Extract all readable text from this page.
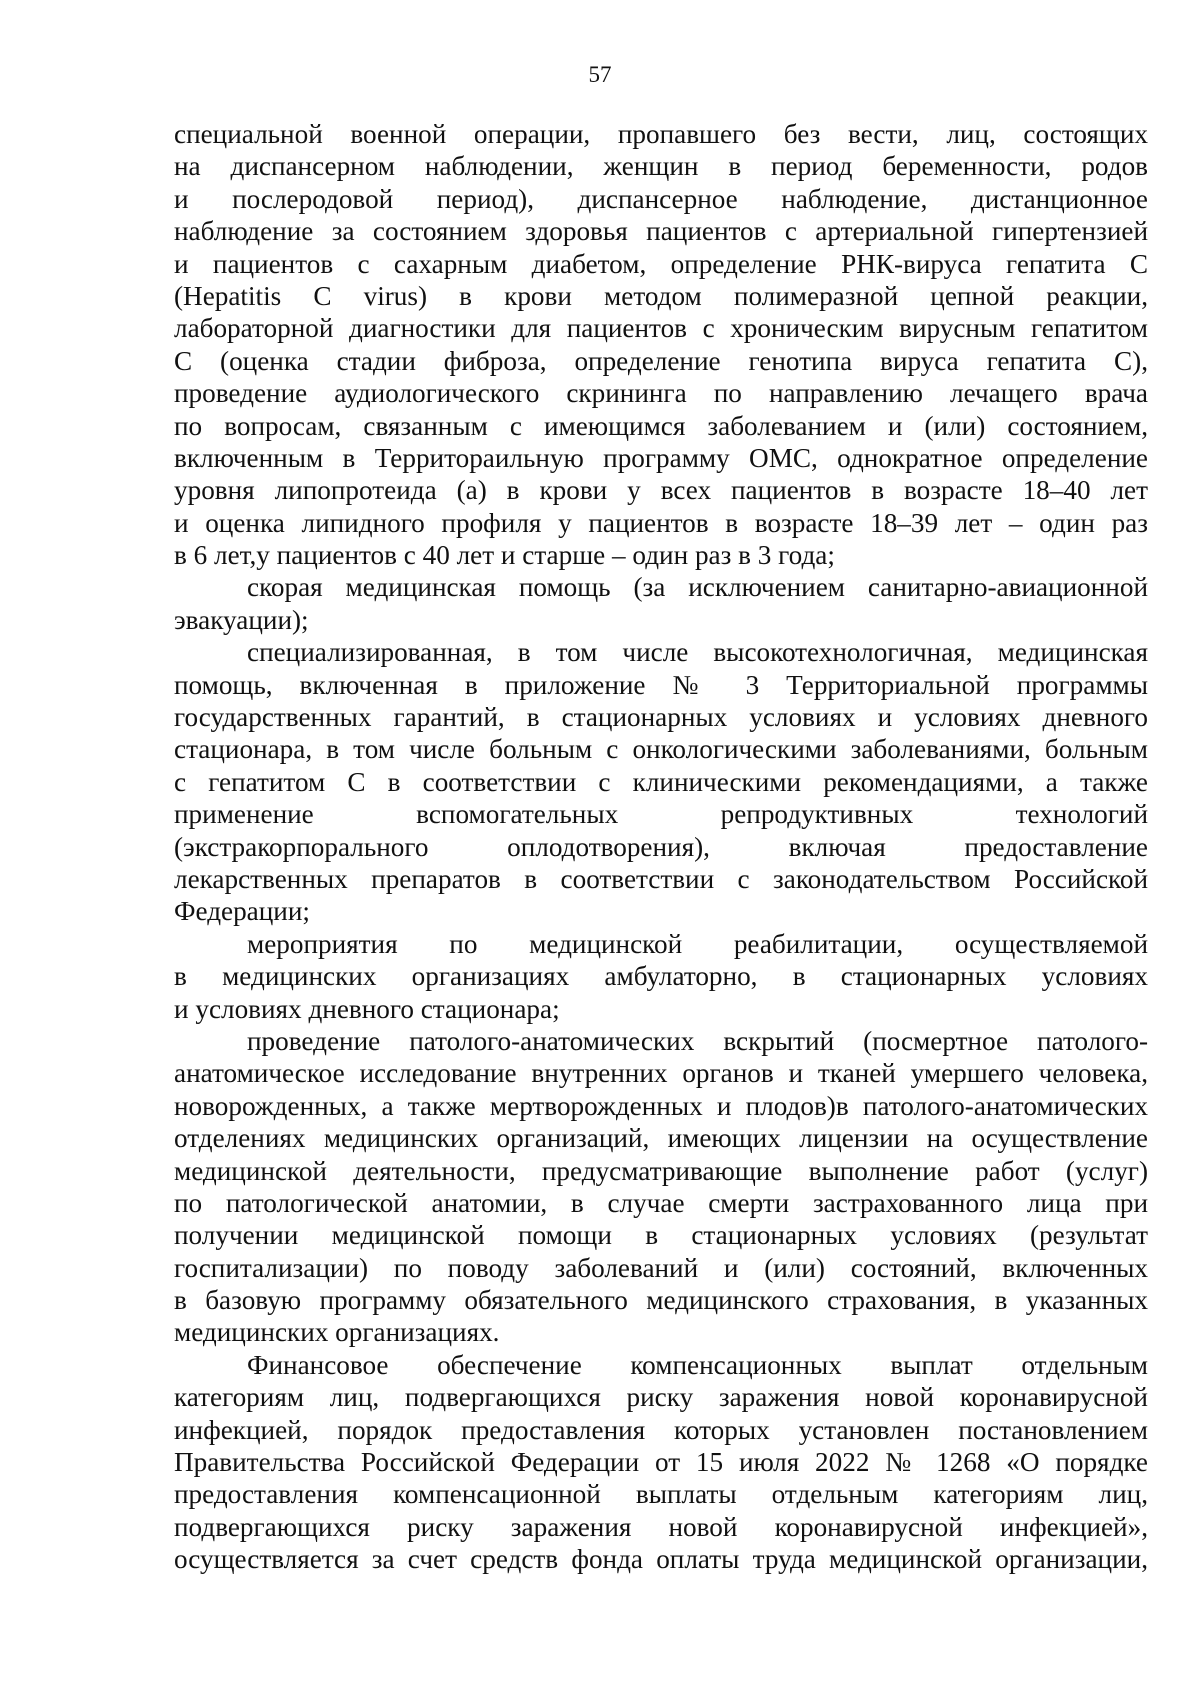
57
специальной военной операции, пропавшего без вести, лиц, состоящих
на диспансерном наблюдении, женщин в период беременности, родов
и послеродовой период), диспансерное наблюдение, дистанционное
наблюдение за состоянием здоровья пациентов с артериальной гипертензией
и пациентов с сахарным диабетом, определение РНК-вируса гепатита С
(Hepatitis C virus) в крови методом полимеразной цепной реакции,
лабораторной диагностики для пациентов с хроническим вирусным гепатитом
С (оценка стадии фиброза, определение генотипа вируса гепатита С),
проведение аудиологического скрининга по направлению лечащего врача
по вопросам, связанным с имеющимся заболеванием и (или) состоянием,
включенным в Территораильную программу ОМС, однократное определение
уровня липопротеида (а) в крови у всех пациентов в возрасте 18–40 лет
и оценка липидного профиля у пациентов в возрасте 18–39 лет – один раз
в 6 лет,у пациентов с 40 лет и старше – один раз в 3 года;
скорая медицинская помощь (за исключением санитарно-авиационной
эвакуации);
специализированная, в том числе высокотехнологичная, медицинская
помощь, включенная в приложение № 3 Территориальной программы
государственных гарантий, в стационарных условиях и условиях дневного
стационара, в том числе больным с онкологическими заболеваниями, больным
с гепатитом С в соответствии с клиническими рекомендациями, а также
применение вспомогательных репродуктивных технологий
(экстракорпорального оплодотворения), включая предоставление
лекарственных препаратов в соответствии с законодательством Российской
Федерации;
мероприятия по медицинской реабилитации, осуществляемой
в медицинских организациях амбулаторно, в стационарных условиях
и условиях дневного стационара;
проведение патолого-анатомических вскрытий (посмертное патолого-
анатомическое исследование внутренних органов и тканей умершего человека,
новорожденных, а также мертворожденных и плодов)в патолого-анатомических
отделениях медицинских организаций, имеющих лицензии на осуществление
медицинской деятельности, предусматривающие выполнение работ (услуг)
по патологической анатомии, в случае смерти застрахованного лица при
получении медицинской помощи в стационарных условиях (результат
госпитализации) по поводу заболеваний и (или) состояний, включенных
в базовую программу обязательного медицинского страхования, в указанных
медицинских организациях.
Финансовое обеспечение компенсационных выплат отдельным
категориям лиц, подвергающихся риску заражения новой коронавирусной
инфекцией, порядок предоставления которых установлен постановлением
Правительства Российской Федерации от 15 июля 2022 № 1268 «О порядке
предоставления компенсационной выплаты отдельным категориям лиц,
подвергающихся риску заражения новой коронавирусной инфекцией»,
осуществляется за счет средств фонда оплаты труда медицинской организации,
